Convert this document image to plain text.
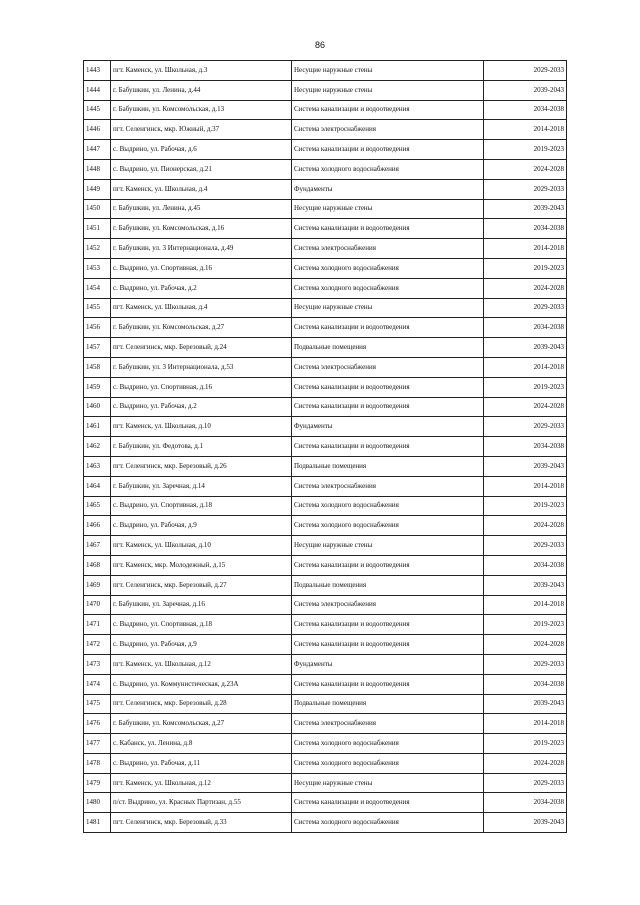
86
1443	пгт. Каменск, ул. Школьная, д.3	Несущие наружные стены	2029-2033
1444	г. Бабушкин, ул. Ленина, д.44	Несущие наружные стены	2039-2043
1445	г. Бабушкин, ул. Комсомольская, д.13	Система канализации и водоотведения	2034-2038
1446	пгт. Селенгинск, мкр. Южный, д.37	Система электроснабжения	2014-2018
1447	с. Выдрино, ул. Рабочая, д.6	Система канализации и водоотведения	2019-2023
1448	с. Выдрино, ул. Пионерская, д.21	Система холодного водоснабжения	2024-2028
1449	пгт. Каменск, ул. Школьная, д.4	Фундаменты	2029-2033
1450	г. Бабушкин, ул. Ленина, д.45	Несущие наружные стены	2039-2043
1451	г. Бабушкин, ул. Комсомольская, д.16	Система канализации и водоотведения	2034-2038
1452	г. Бабушкин, ул. 3 Интернационала, д.49	Система электроснабжения	2014-2018
1453	с. Выдрино, ул. Спортивная, д.16	Система холодного водоснабжения	2019-2023
1454	с. Выдрино, ул. Рабочая, д.2	Система холодного водоснабжения	2024-2028
1455	пгт. Каменск, ул. Школьная, д.4	Несущие наружные стены	2029-2033
1456	г. Бабушкин, ул. Комсомольская, д.27	Система канализации и водоотведения	2034-2038
1457	пгт. Селенгинск, мкр. Березовый, д.24	Подвальные помещения	2039-2043
1458	г. Бабушкин, ул. 3 Интернационала, д.53	Система электроснабжения	2014-2018
1459	с. Выдрино, ул. Спортивная, д.16	Система канализации и водоотведения	2019-2023
1460	с. Выдрино, ул. Рабочая, д.2	Система канализации и водоотведения	2024-2028
1461	пгт. Каменск, ул. Школьная, д.10	Фундаменты	2029-2033
1462	г. Бабушкин, ул. Федотова, д.1	Система канализации и водоотведения	2034-2038
1463	пгт. Селенгинск, мкр. Березовый, д.26	Подвальные помещения	2039-2043
1464	г. Бабушкин, ул. Заречная, д.14	Система электроснабжения	2014-2018
1465	с. Выдрино, ул. Спортивная, д.18	Система холодного водоснабжения	2019-2023
1466	с. Выдрино, ул. Рабочая, д.9	Система холодного водоснабжения	2024-2028
1467	пгт. Каменск, ул. Школьная, д.10	Несущие наружные стены	2029-2033
1468	пгт. Каменск, мкр. Молодежный, д.15	Система канализации и водоотведения	2034-2038
1469	пгт. Селенгинск, мкр. Березовый, д.27	Подвальные помещения	2039-2043
1470	г. Бабушкин, ул. Заречная, д.16	Система электроснабжения	2014-2018
1471	с. Выдрино, ул. Спортивная, д.18	Система канализации и водоотведения	2019-2023
1472	с. Выдрино, ул. Рабочая, д.9	Система канализации и водоотведения	2024-2028
1473	пгт. Каменск, ул. Школьная, д.12	Фундаменты	2029-2033
1474	с. Выдрино, ул. Коммунистическая, д.23А	Система канализации и водоотведения	2034-2038
1475	пгт. Селенгинск, мкр. Березовый, д.28	Подвальные помещения	2039-2043
1476	г. Бабушкин, ул. Комсомольская, д.27	Система электроснабжения	2014-2018
1477	с. Кабанск, ул. Ленина, д.8	Система холодного водоснабжения	2019-2023
1478	с. Выдрино, ул. Рабочая, д.11	Система холодного водоснабжения	2024-2028
1479	пгт. Каменск, ул. Школьная, д.12	Несущие наружные стены	2029-2033
1480	п/ст. Выдрино, ул. Красных Партизан, д.55	Система канализации и водоотведения	2034-2038
1481	пгт. Селенгинск, мкр. Березовый, д.33	Система холодного водоснабжения	2039-2043
